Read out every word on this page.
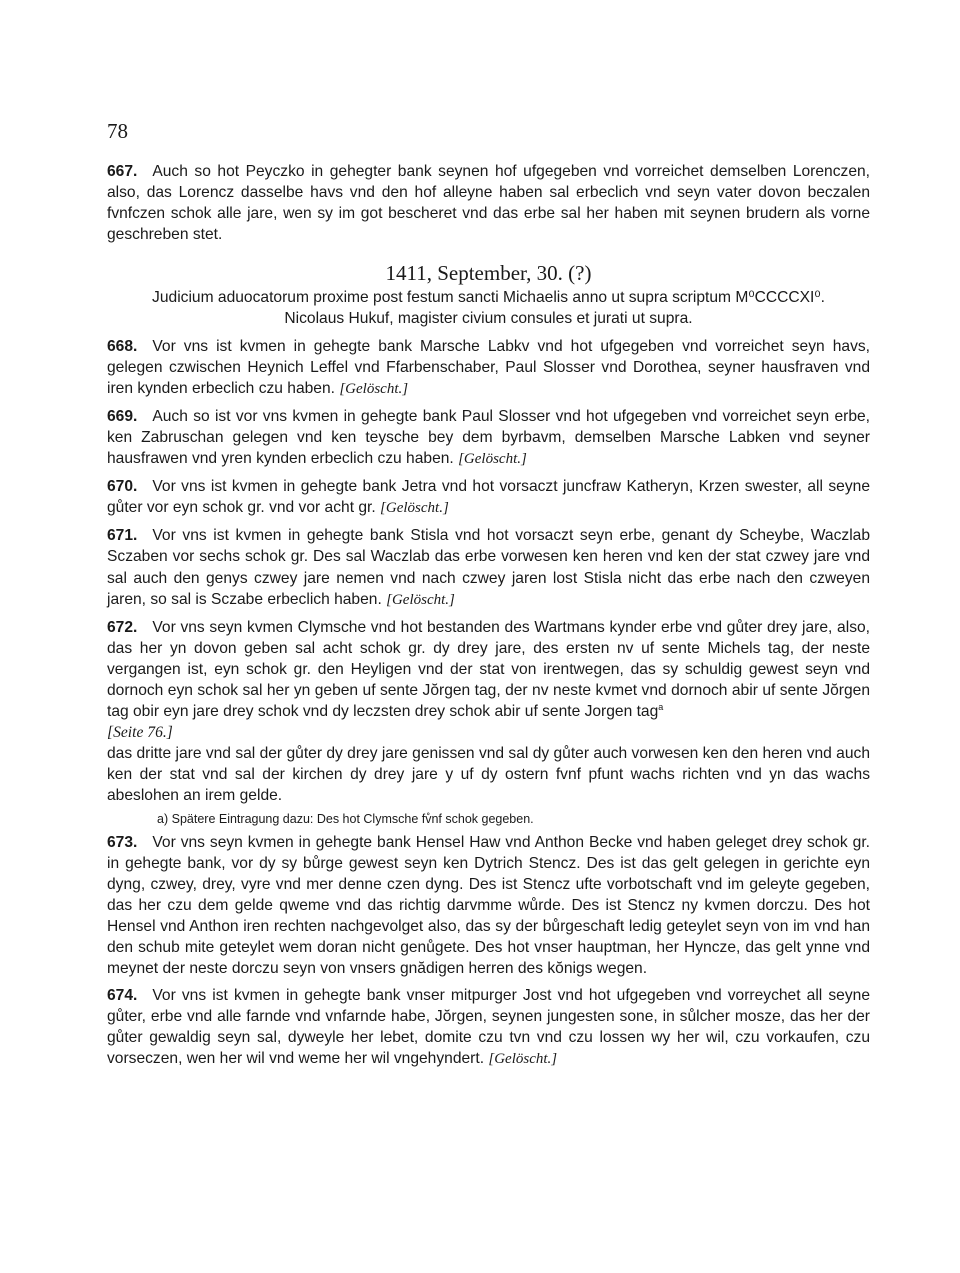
78

667. Auch so hot Peyczko in gehegter bank seynen hof ufgegeben vnd vorreichet demselben Lorenczen, also, das Lorencz dasselbe havs vnd den hof alleyne haben sal erbeclich vnd seyn vater dovon beczalen fvnfczen schok alle jare, wen sy im got bescheret vnd das erbe sal her haben mit seynen brudern als vorne geschreben stet.

1411, September, 30. (?)
Judicium aduocatorum proxime post festum sancti Michaelis anno ut supra scriptum M⁰CCCCXI⁰.
Nicolaus Hukuf, magister civium consules et jurati ut supra.

668. Vor vns ist kvmen in gehegte bank Marsche Labkv vnd hot ufgegeben vnd vorreichet seyn havs, gelegen czwischen Heynich Leffel vnd Ffarbenschaber, Paul Slosser vnd Dorothea, seyner hausfraven vnd iren kynden erbeclich czu haben. [Gelöscht.]

669. Auch so ist vor vns kvmen in gehegte bank Paul Slosser vnd hot ufgegeben vnd vorreichet seyn erbe, ken Zabruschan gelegen vnd ken teysche bey dem byrbavm, demselben Marsche Labken vnd seyner hausfrawen vnd yren kynden erbeclich czu haben. [Gelöscht.]

670. Vor vns ist kvmen in gehegte bank Jetra vnd hot vorsaczt juncfraw Katheryn, Krzen swester, all seyne gůter vor eyn schok gr. vnd vor acht gr. [Gelöscht.]

671. Vor vns ist kvmen in gehegte bank Stisla vnd hot vorsaczt seyn erbe, genant dy Scheybe, Waczlab Sczaben vor sechs schok gr. Des sal Waczlab das erbe vorwesen ken heren vnd ken der stat czwey jare vnd sal auch den genys czwey jare nemen vnd nach czwey jaren lost Stisla nicht das erbe nach den czweyen jaren, so sal is Sczabe erbeclich haben. [Gelöscht.]

672. Vor vns seyn kvmen Clymsche vnd hot bestanden des Wartmans kynder erbe vnd gůter drey jare, also, das her yn dovon geben sal acht schok gr. dy drey jare, des ersten nv uf sente Michels tag, der neste vergangen ist, eyn schok gr. den Heyligen vnd der stat von irentwegen, das sy schuldig gewest seyn vnd dornoch eyn schok sal her yn geben uf sente Jŏrgen tag, der nv neste kvmet vnd dornoch abir uf sente Jŏrgen tag obir eyn jare drey schok vnd dy leczsten drey schok abir uf sente Jorgen tag$^a$

[Seite 76.]

das dritte jare vnd sal der gůter dy drey jare genissen vnd sal dy gůter auch vorwesen ken den heren vnd auch ken der stat vnd sal der kirchen dy drey jare y uf dy ostern fvnf pfunt wachs richten vnd yn das wachs abeslohen an irem gelde.

a) Spätere Eintragung dazu: Des hot Clymsche fv̊nf schok gegeben.

673. Vor vns seyn kvmen in gehegte bank Hensel Haw vnd Anthon Becke vnd haben geleget drey schok gr. in gehegte bank, vor dy sy bůrge gewest seyn ken Dytrich Stencz. Des ist das gelt gelegen in gerichte eyn dyng, czwey, drey, vyre vnd mer denne czen dyng. Des ist Stencz ufte vorbotschaft vnd im geleyte gegeben, das her czu dem gelde qweme vnd das richtig darvmme wůrde. Des ist Stencz ny kvmen dorczu. Des hot Hensel vnd Anthon iren rechten nachgevolget also, das sy der bůrgeschaft ledig geteylet seyn von im vnd han den schub mite geteylet wem doran nicht genůgete. Des hot vnser hauptman, her Hyncze, das gelt ynne vnd meynet der neste dorczu seyn von vnsers gnădigen herren des kŏnigs wegen.

674. Vor vns ist kvmen in gehegte bank vnser mitpurger Jost vnd hot ufgegeben vnd vorreychet all seyne gůter, erbe vnd alle farnde vnd vnfarnde habe, Jŏrgen, seynen jungesten sone, in sůlcher mosze, das her der gůter gewaldig seyn sal, dyweyle her lebet, domite czu tvn vnd czu lossen wy her wil, czu vorkaufen, czu vorseczen, wen her wil vnd weme her wil vngehyndert. [Gelöscht.]
